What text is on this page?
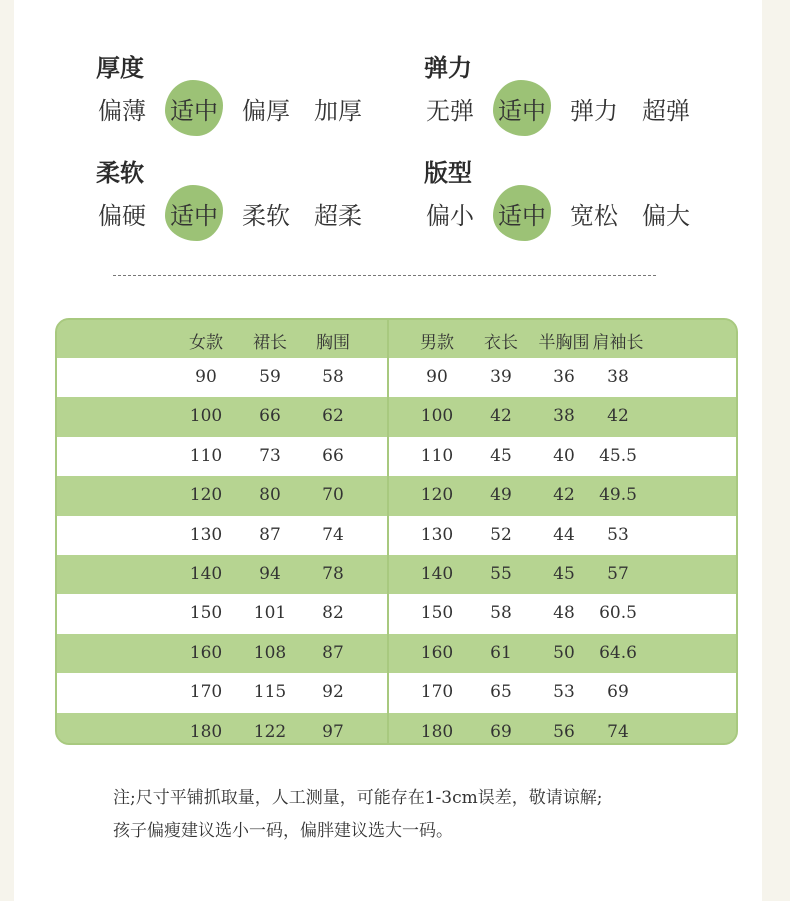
厚度
偏薄 适中 偏厚 加厚
弹力
无弹 适中 弹力 超弹
柔软
偏硬 适中 柔软 超柔
版型
偏小 适中 宽松 偏大
女款 裙长 胸围	男款 衣长 半胸围 肩袖长
90 59 58	90 39 36 38
100 66 62	100 42 38 42
110 73 66	110 45 40 45.5
120 80 70	120 49 42 49.5
130 87 74	130 52 44 53
140 94 78	140 55 45 57
150 101 82	150 58 48 60.5
160 108 87	160 61 50 64.6
170 115 92	170 65 53 69
180 122 97	180 69 56 74
注;尺寸平铺抓取量，人工测量，可能存在1-3cm误差，敬请谅解;
孩子偏瘦建议选小一码，偏胖建议选大一码。
